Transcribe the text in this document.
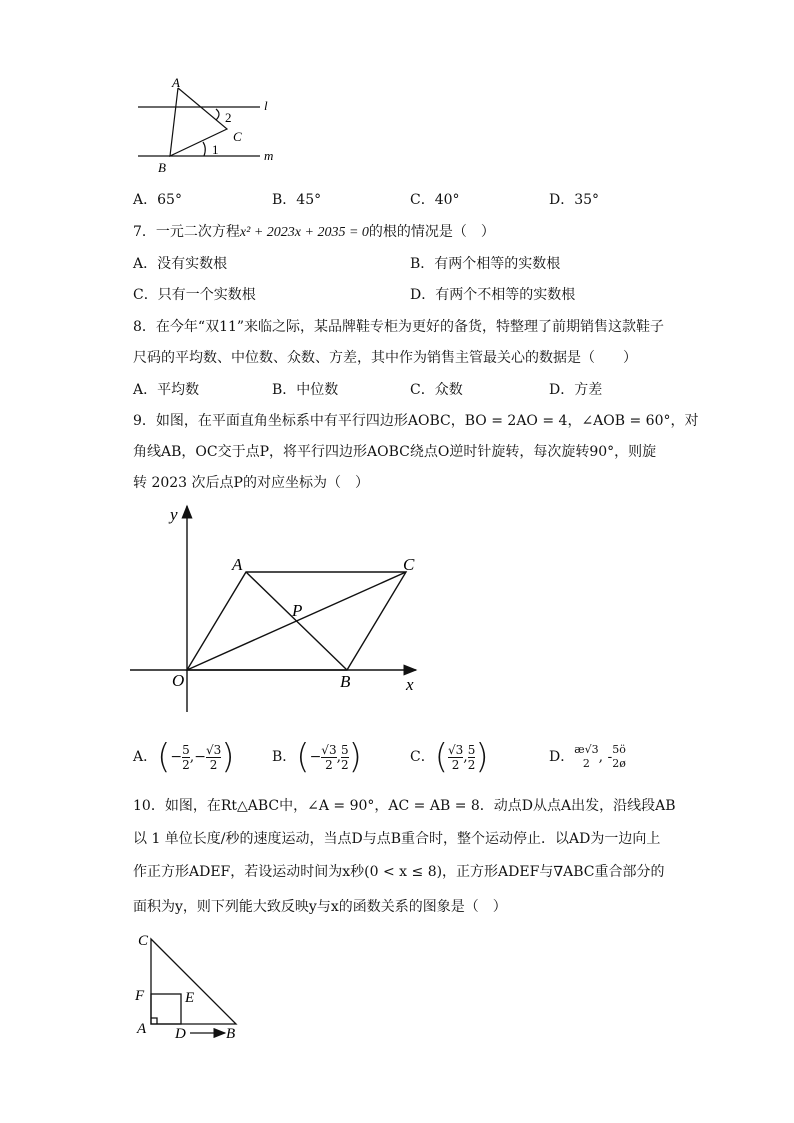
A
B
C
2
1
l
m
A．65°	B．45°	C．40°	D．35°
7．一元二次方程x² + 2023x + 2035 = 0的根的情况是（　）
A．没有实数根	B．有两个相等的实数根
C．只有一个实数根	D．有两个不相等的实数根
8．在今年“双11”来临之际，某品牌鞋专柜为更好的备货，特整理了前期销售这款鞋子
尺码的平均数、中位数、众数、方差，其中作为销售主管最关心的数据是（　　）
A．平均数	B．中位数	C．众数	D．方差
9．如图，在平面直角坐标系中有平行四边形AOBC，BO = 2AO = 4，∠AOB = 60°，对
角线AB，OC交于点P，将平行四边形AOBC绕点O逆时针旋转，每次旋转90°，则旋
转 2023 次后点P的对应坐标为（　）
y
x
O
A
B
C
P
A． ( − $\frac{5}{2}$ , − $\frac{√3}{2}$ )	B． ( − $\frac{√3}{2}$ , $\frac{5}{2}$ )	C． ( $\frac{√3}{2}$ , $\frac{5}{2}$ )	D． æ√3
2 , - 5ö
2ø
10．如图，在Rt△ABC中，∠A = 90°，AC = AB = 8．动点D从点A出发，沿线段AB
以 1 单位长度/秒的速度运动，当点D与点B重合时，整个运动停止．以AD为一边向上
作正方形ADEF，若设运动时间为x秒(0 < x ≤ 8)，正方形ADEF与∇ABC重合部分的
面积为y，则下列能大致反映y与x的函数关系的图象是（　）
C
F	E
A D	B
